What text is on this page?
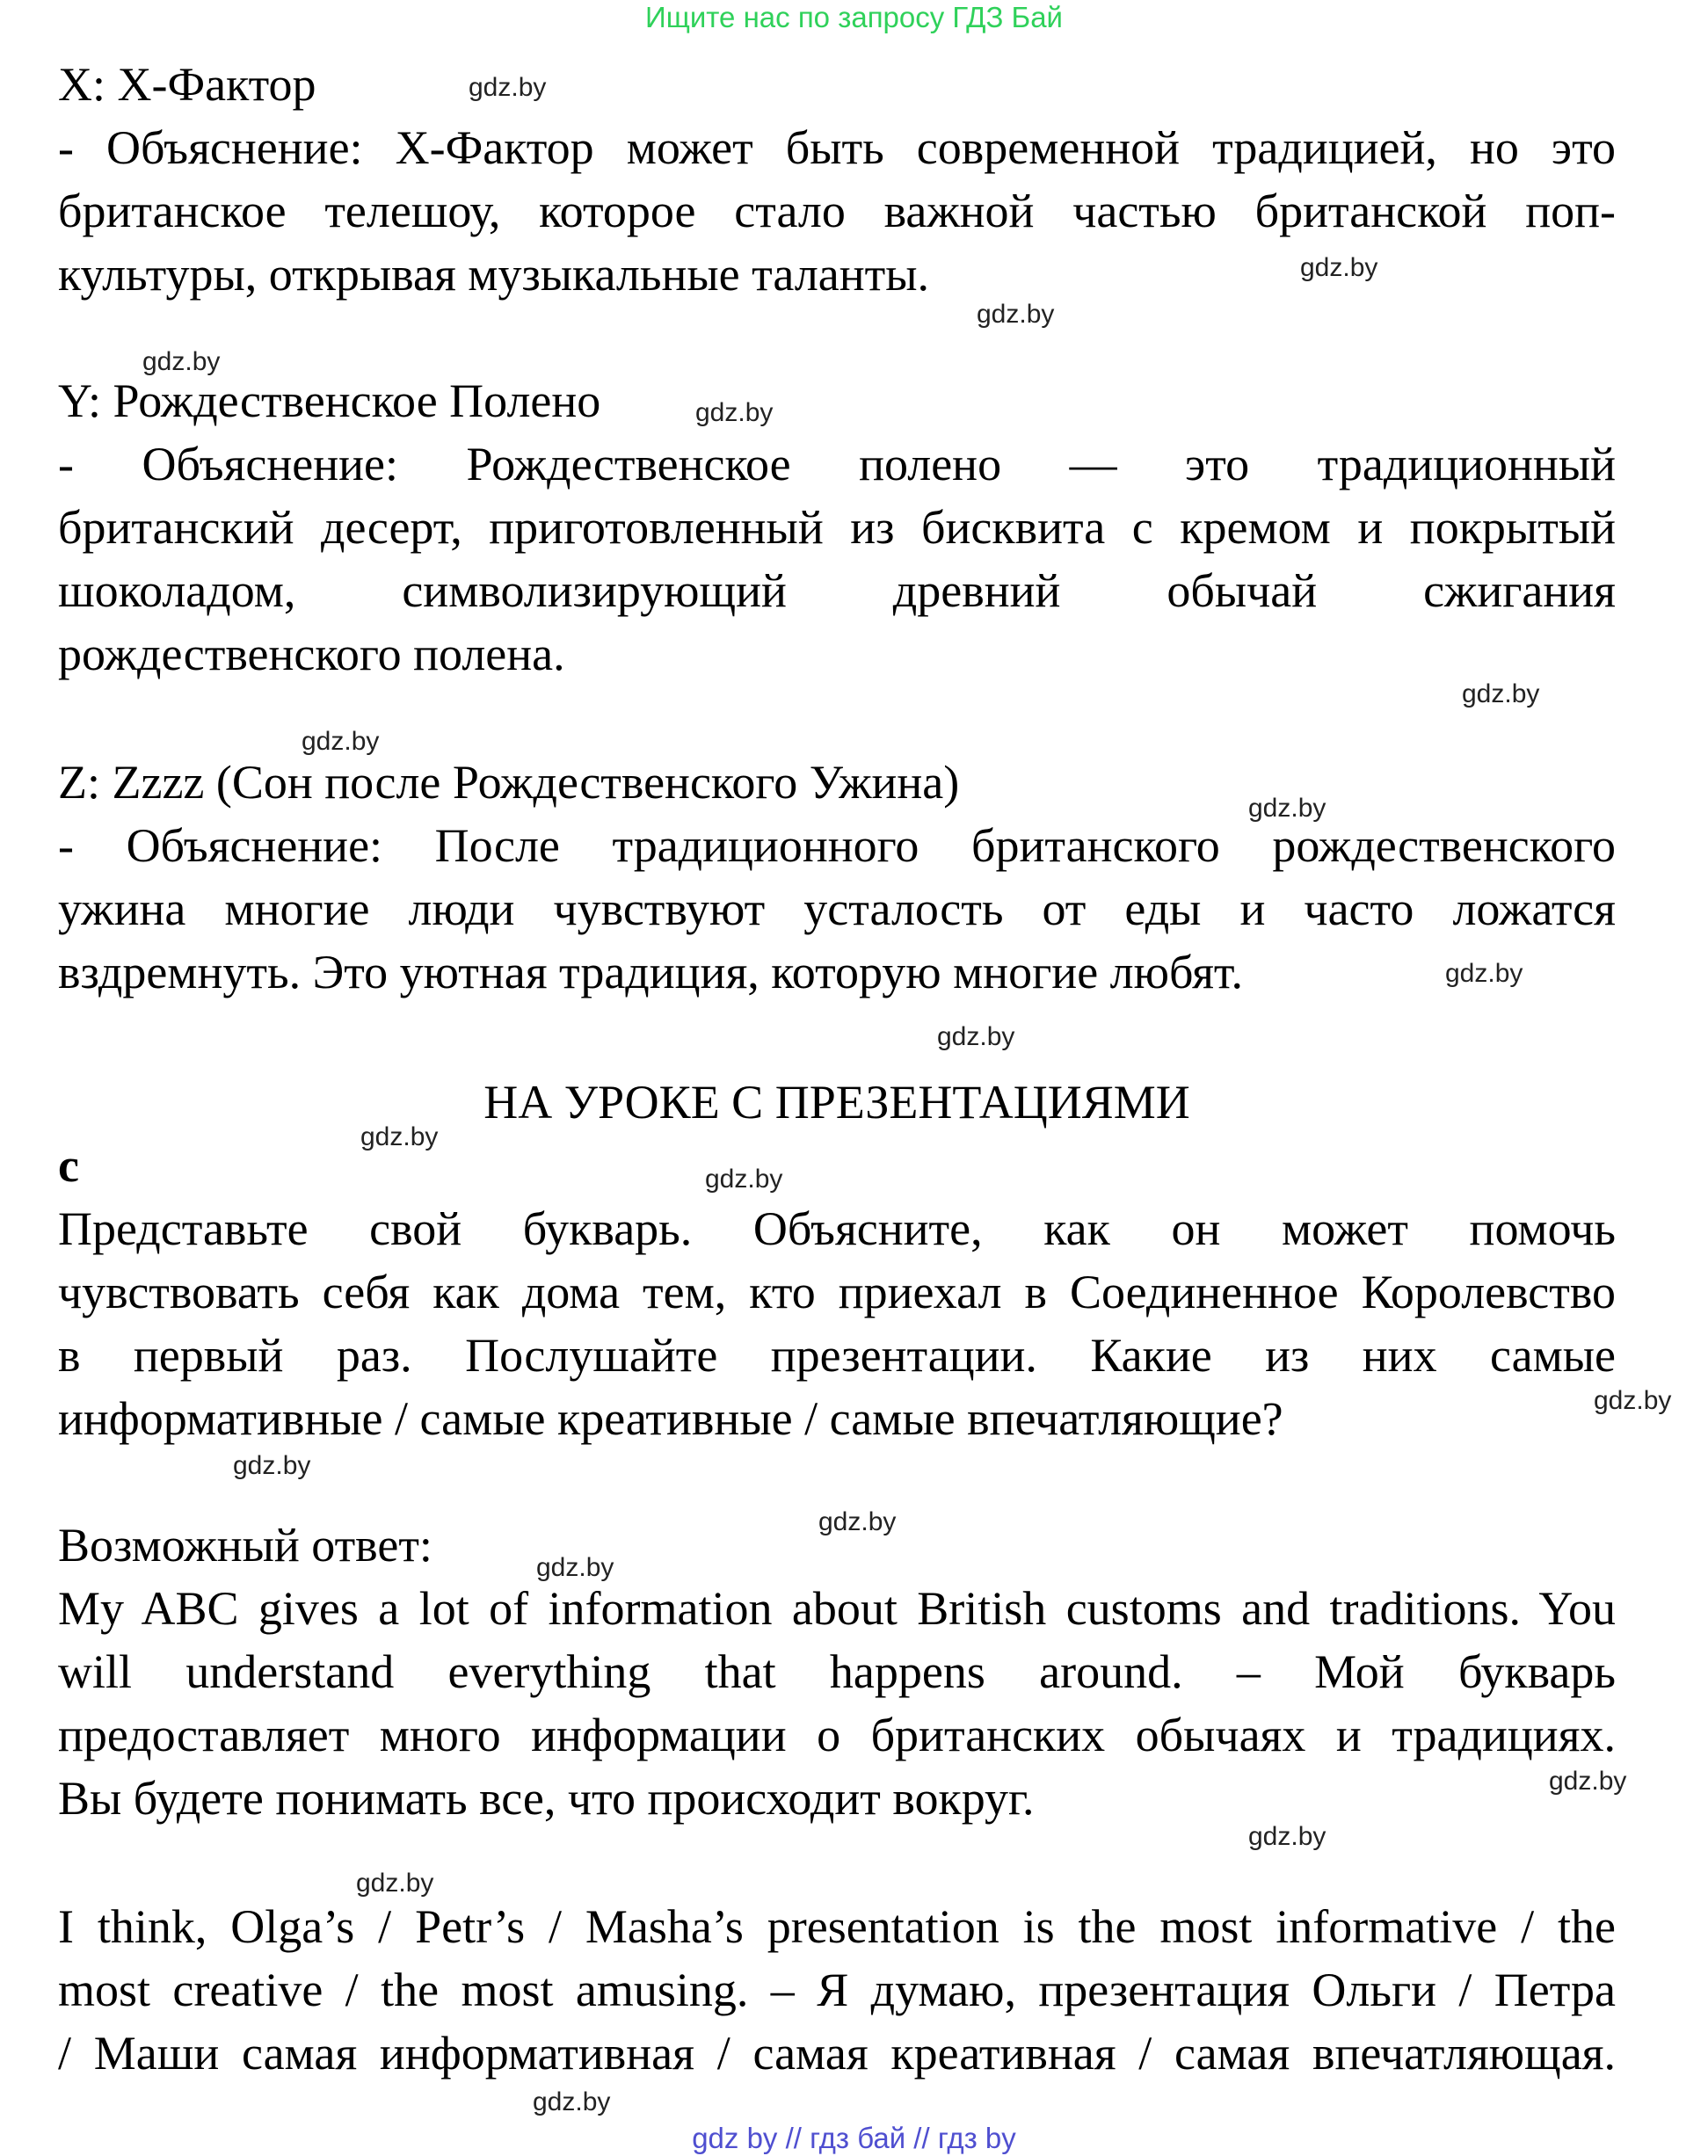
Ищите нас по запросу ГДЗ Бай
X: X-Фактор
- Объяснение: X-Фактор может быть современной традицией, но это
британское телешоу, которое стало важной частью британской поп-
культуры, открывая музыкальные таланты.
Y: Рождественское Полено
- Объяснение: Рождественское полено — это традиционный
британский десерт, приготовленный из бисквита с кремом и покрытый
шоколадом, символизирующий древний обычай сжигания
рождественского полена.
Z: Zzzz (Сон после Рождественского Ужина)
- Объяснение: После традиционного британского рождественского
ужина многие люди чувствуют усталость от еды и часто ложатся
вздремнуть. Это уютная традиция, которую многие любят.
НА УРОКЕ С ПРЕЗЕНТАЦИЯМИ
c
Представьте свой букварь. Объясните, как он может помочь
чувствовать себя как дома тем, кто приехал в Соединенное Королевство
в первый раз. Послушайте презентации. Какие из них самые
информативные / самые креативные / самые впечатляющие?
Возможный ответ:
My ABC gives a lot of information about British customs and traditions. You
will understand everything that happens around. – Мой букварь
предоставляет много информации о британских обычаях и традициях.
Вы будете понимать все, что происходит вокруг.
I think, Olga’s / Petr’s / Masha’s presentation is the most informative / the
most creative / the most amusing. – Я думаю, презентация Ольги / Петра
/ Маши самая информативная / самая креативная / самая впечатляющая.
gdz.by
gdz.by
gdz.by
gdz.by
gdz.by
gdz.by
gdz.by
gdz.by
gdz.by
gdz.by
gdz.by
gdz.by
gdz.by
gdz.by
gdz.by
gdz.by
gdz.by
gdz.by
gdz.by
gdz.by
gdz by // гдз бай // гдз by
